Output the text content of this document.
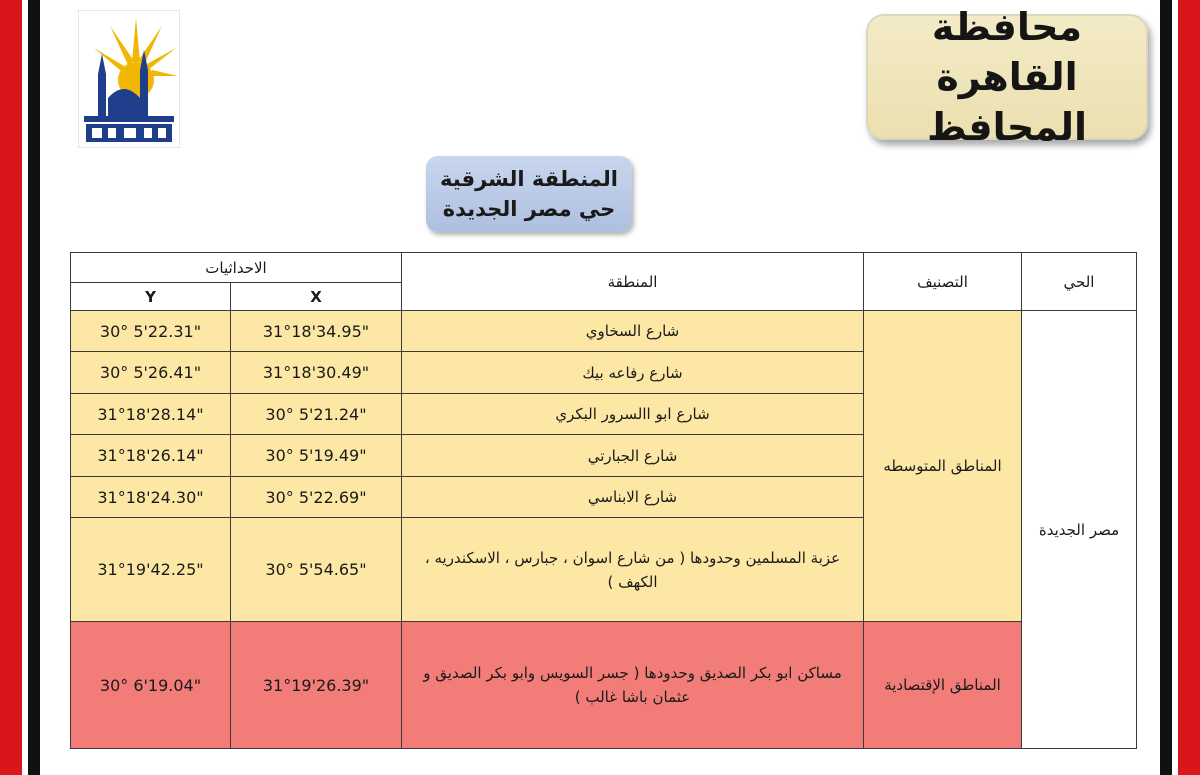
محافظة القاهرة
المحافظ
المنطقة الشرقية
حي مصر الجديدة
الاحداثيات		المنطقة	التصنيف	الحي
Y	X			
30° 5'22.31"	31°18'34.95"	شارع السخاوي	المناطق المتوسطه	مصر الجديدة
30° 5'26.41"	31°18'30.49"	شارع رفاعه بيك		
31°18'28.14"	30° 5'21.24"	شارع ابو االسرور البكري		
31°18'26.14"	30° 5'19.49"	شارع الجبارتي		
31°18'24.30"	30° 5'22.69"	شارع الابناسي		
31°19'42.25"	30° 5'54.65"	عزبة المسلمين وحدودها ( من شارع اسوان ، جبارس ، الاسكندريه ، الكهف )		
30° 6'19.04"	31°19'26.39"	مساكن ابو بكر الصديق وحدودها ( جسر السويس وابو بكر الصديق و عثمان باشا غالب )	المناطق الإقتصادية	
